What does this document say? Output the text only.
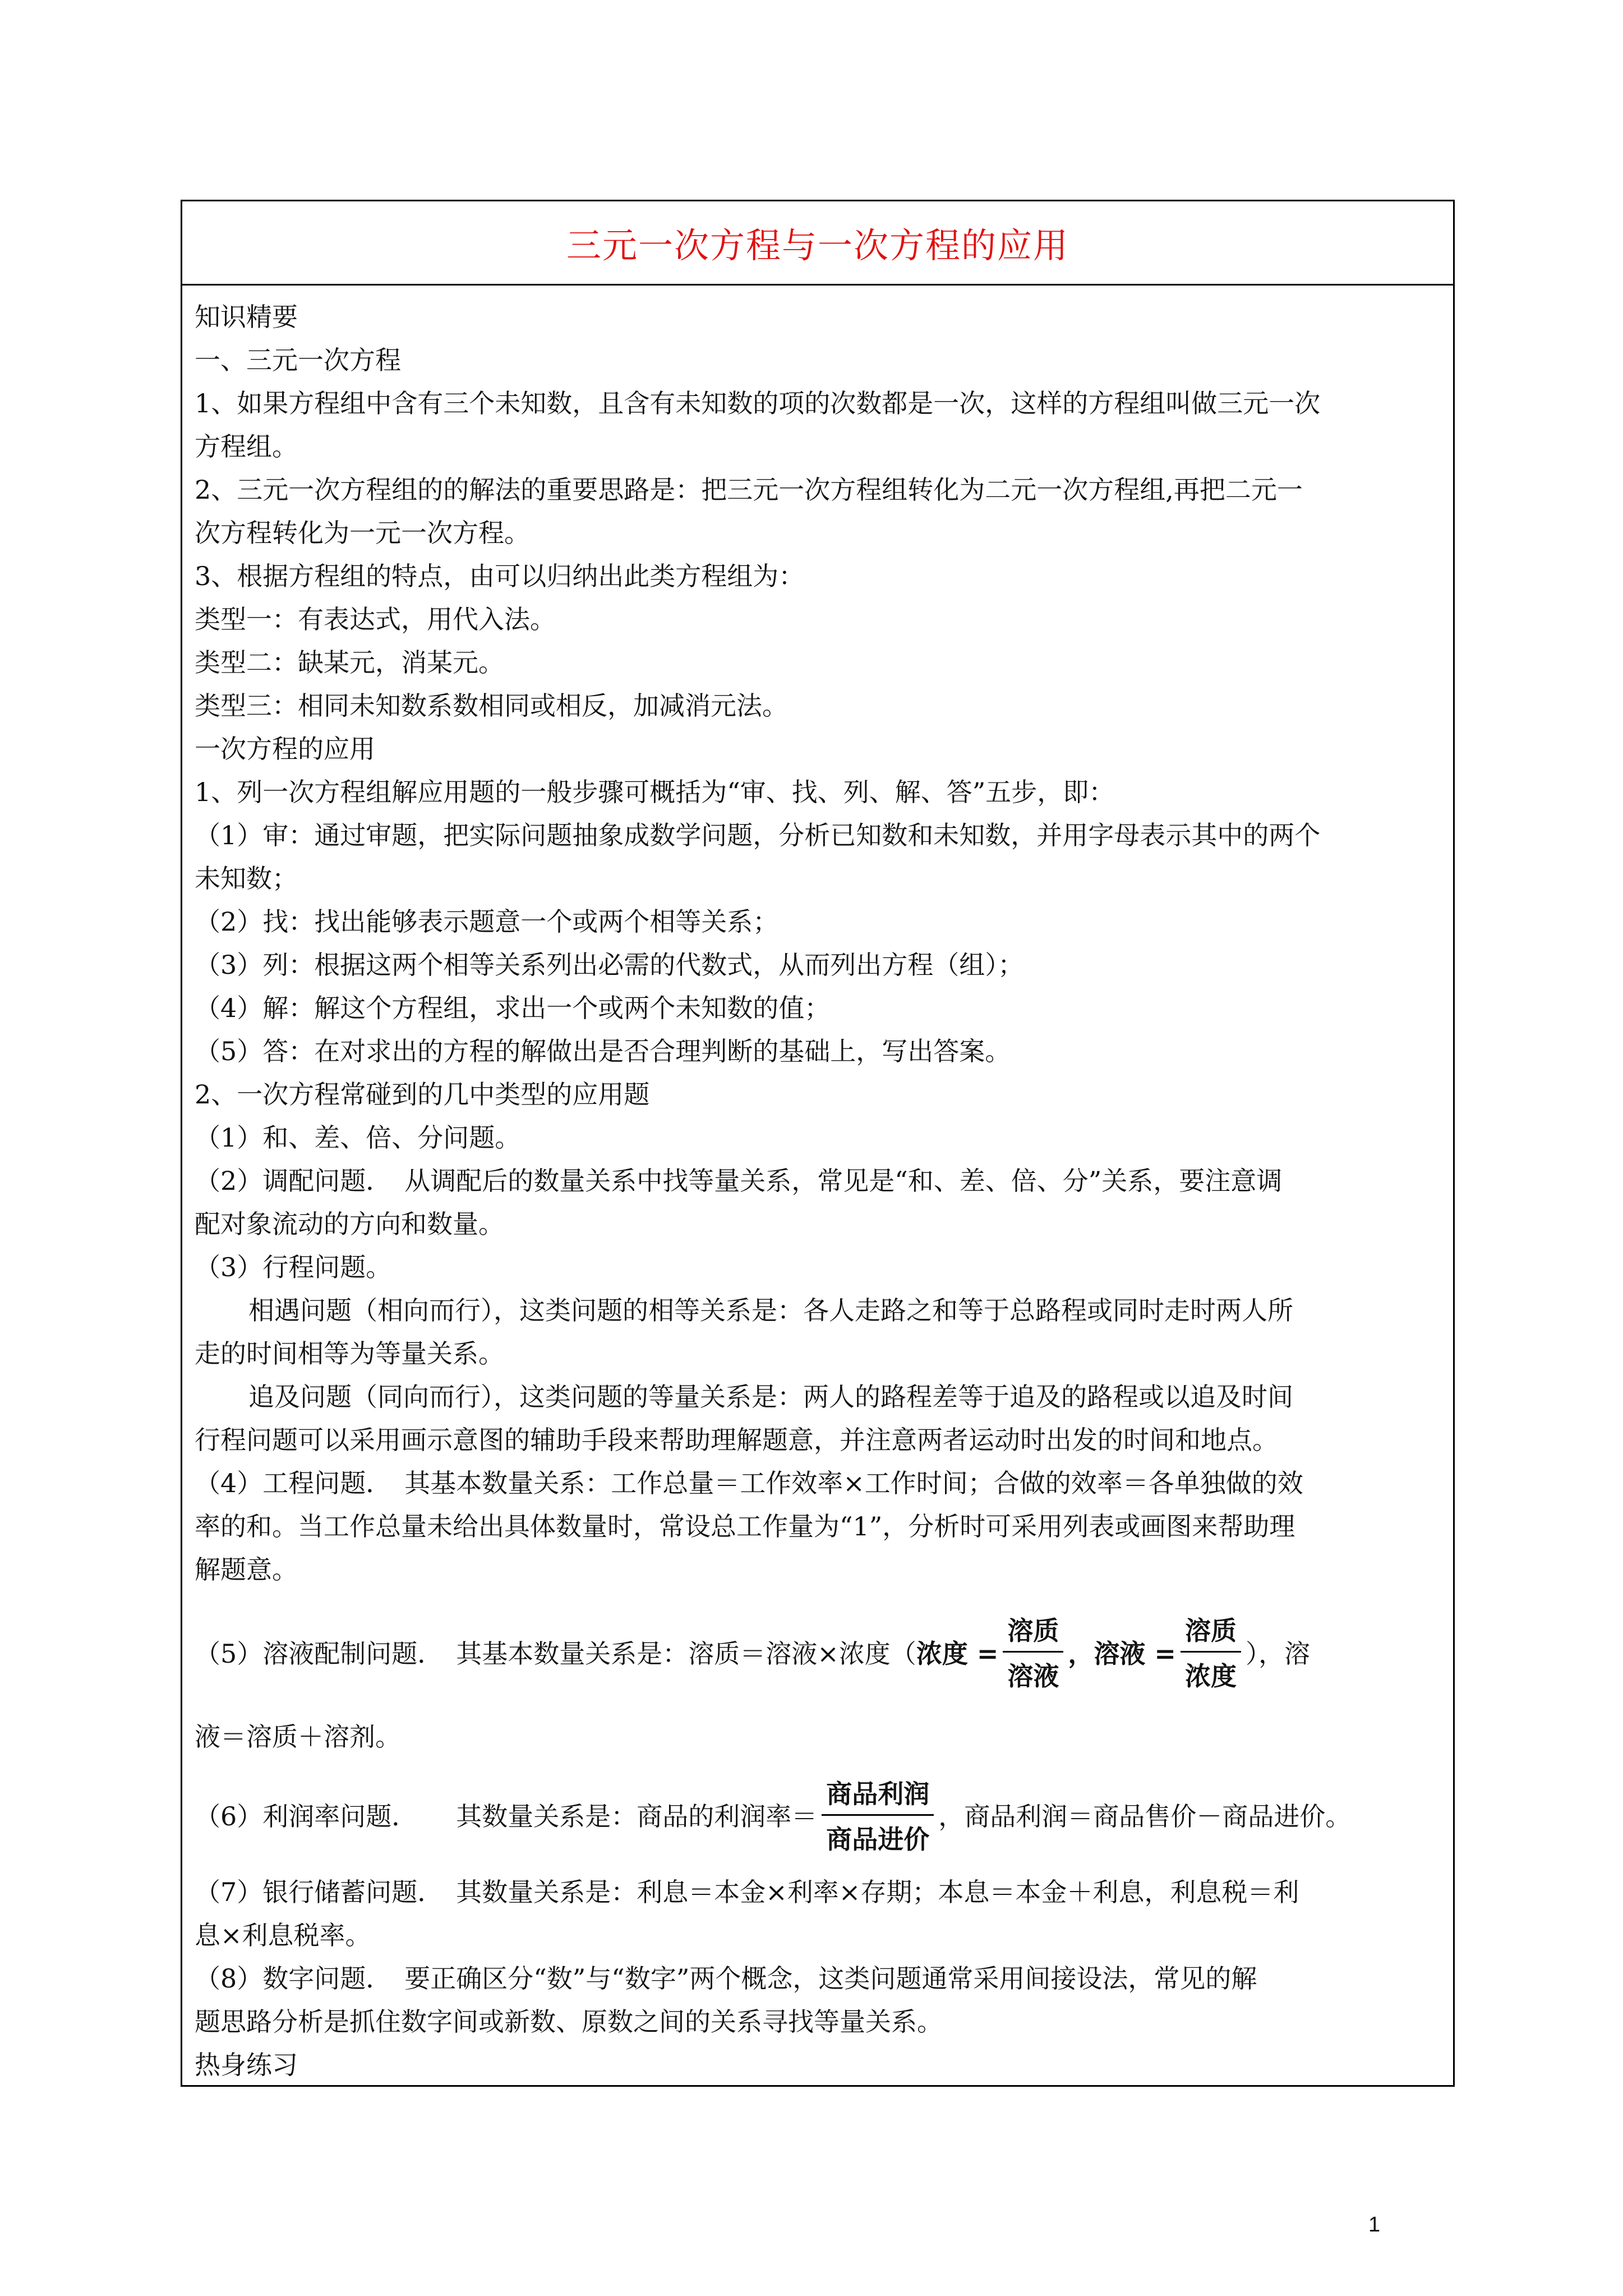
三元一次方程与一次方程的应用
知识精要
一、三元一次方程
1、如果方程组中含有三个未知数，且含有未知数的项的次数都是一次，这样的方程组叫做三元一次
方程组。
2、三元一次方程组的的解法的重要思路是：把三元一次方程组转化为二元一次方程组,再把二元一
次方程转化为一元一次方程。
3、根据方程组的特点，由可以归纳出此类方程组为：
类型一：有表达式，用代入法。
类型二：缺某元，消某元。
类型三：相同未知数系数相同或相反，加减消元法。
一次方程的应用
1、列一次方程组解应用题的一般步骤可概括为“审、找、列、解、答”五步，即：
（1）审：通过审题，把实际问题抽象成数学问题，分析已知数和未知数，并用字母表示其中的两个
未知数；
（2）找：找出能够表示题意一个或两个相等关系；
（3）列：根据这两个相等关系列出必需的代数式，从而列出方程（组）；
（4）解：解这个方程组，求出一个或两个未知数的值；
（5）答：在对求出的方程的解做出是否合理判断的基础上，写出答案。
2、一次方程常碰到的几中类型的应用题
（1）和、差、倍、分问题。
（2）调配问题．　从调配后的数量关系中找等量关系，常见是“和、差、倍、分”关系，要注意调
配对象流动的方向和数量。
（3）行程问题。
相遇问题（相向而行），这类问题的相等关系是：各人走路之和等于总路程或同时走时两人所
走的时间相等为等量关系。
追及问题（同向而行），这类问题的等量关系是：两人的路程差等于追及的路程或以追及时间
行程问题可以采用画示意图的辅助手段来帮助理解题意，并注意两者运动时出发的时间和地点。
（4）工程问题．　其基本数量关系：工作总量＝工作效率×工作时间；合做的效率＝各单独做的效
率的和。当工作总量未给出具体数量时，常设总工作量为“1”，分析时可采用列表或画图来帮助理
解题意。
（5）溶液配制问题．　其基本数量关系是：溶质＝溶液×浓度（ 浓度 = $\frac{\text{溶质}}{\text{溶液}}$ ， 溶液 = $\frac{\text{溶质}}{\text{浓度}}$ ），溶
液＝溶质＋溶剂。
（6）利润率问题．　　其数量关系是：商品的利润率＝ $\frac{\text{商品利润}}{\text{商品进价}}$ ，商品利润＝商品售价－商品进价。
（7）银行储蓄问题．　其数量关系是：利息＝本金×利率×存期；本息＝本金＋利息，利息税＝利
息×利息税率。
（8）数字问题．　要正确区分“数”与“数字”两个概念，这类问题通常采用间接设法，常见的解
题思路分析是抓住数字间或新数、原数之间的关系寻找等量关系。
热身练习
1
